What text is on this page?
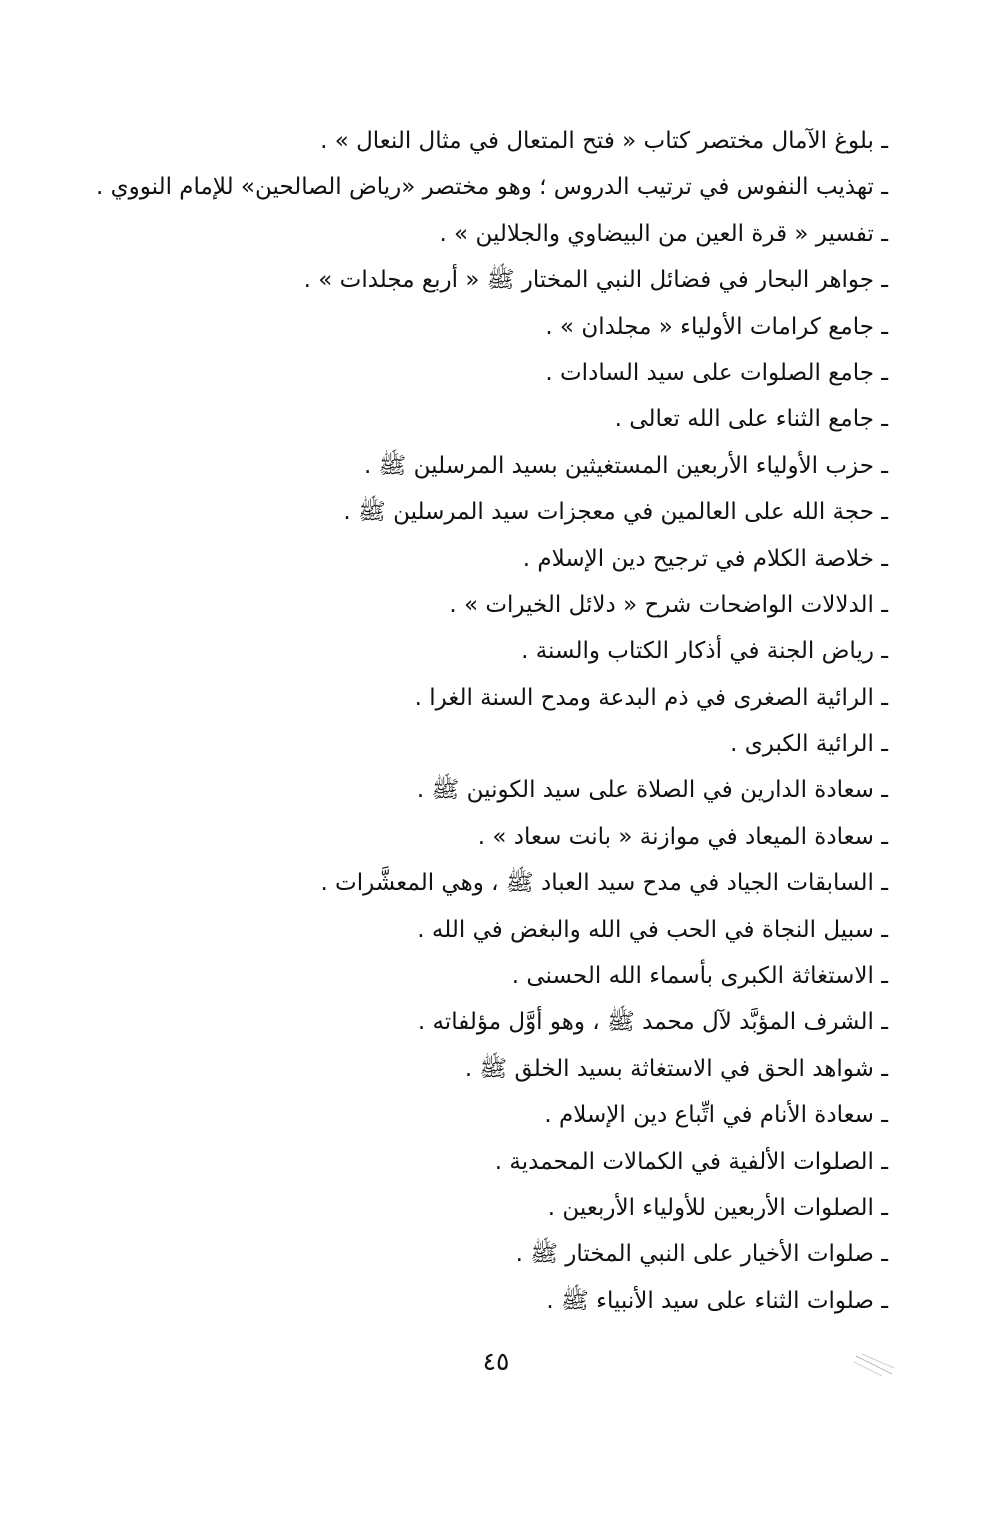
ـ بلوغ الآمال مختصر كتاب « فتح المتعال في مثال النعال » .
ـ تهذيب النفوس في ترتيب الدروس ؛ وهو مختصر «رياض الصالحين» للإمام النووي .
ـ تفسير « قرة العين من البيضاوي والجلالين » .
ـ جواهر البحار في فضائل النبي المختار ﷺ « أربع مجلدات » .
ـ جامع كرامات الأولياء « مجلدان » .
ـ جامع الصلوات على سيد السادات .
ـ جامع الثناء على الله تعالى .
ـ حزب الأولياء الأربعين المستغيثين بسيد المرسلين ﷺ .
ـ حجة الله على العالمين في معجزات سيد المرسلين ﷺ .
ـ خلاصة الكلام في ترجيح دين الإسلام .
ـ الدلالات الواضحات شرح « دلائل الخيرات » .
ـ رياض الجنة في أذكار الكتاب والسنة .
ـ الرائية الصغرى في ذم البدعة ومدح السنة الغرا .
ـ الرائية الكبرى .
ـ سعادة الدارين في الصلاة على سيد الكونين ﷺ .
ـ سعادة الميعاد في موازنة « بانت سعاد » .
ـ السابقات الجياد في مدح سيد العباد ﷺ ، وهي المعشَّرات .
ـ سبيل النجاة في الحب في الله والبغض في الله .
ـ الاستغاثة الكبرى بأسماء الله الحسنى .
ـ الشرف المؤبَّد لآل محمد ﷺ ، وهو أوَّل مؤلفاته .
ـ شواهد الحق في الاستغاثة بسيد الخلق ﷺ .
ـ سعادة الأنام في اتِّباع دين الإسلام .
ـ الصلوات الألفية في الكمالات المحمدية .
ـ الصلوات الأربعين للأولياء الأربعين .
ـ صلوات الأخيار على النبي المختار ﷺ .
ـ صلوات الثناء على سيد الأنبياء ﷺ .
٤٥
